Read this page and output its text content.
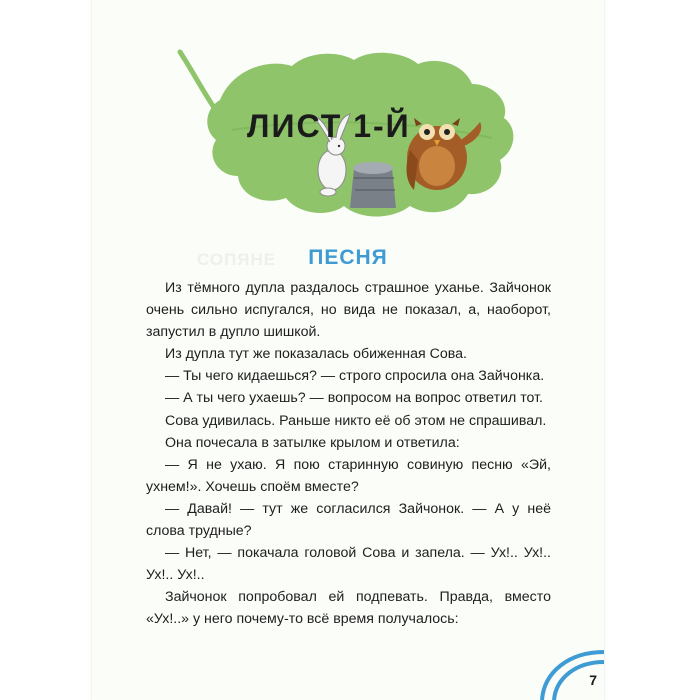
ЛИСТ 1-Й
СОПЯНЕ	ПЕСНЯ

Из тёмного дупла раздалось страшное уханье. Зайчонок очень сильно испугался, но вида не показал, а, наоборот, запустил в дупло шишкой.

Из дупла тут же показалась обиженная Сова.

— Ты чего кидаешься? — строго спросила она Зайчонка.

— А ты чего ухаешь? — вопросом на вопрос ответил тот.

Сова удивилась. Раньше никто её об этом не спрашивал.

Она почесала в затылке крылом и ответила:

— Я не ухаю. Я пою старинную совиную песню «Эй, ухнем!». Хочешь споём вместе?

— Давай! — тут же согласился Зайчонок. — А у неё слова трудные?

— Нет, — покачала головой Сова и запела. — Ух!.. Ух!.. Ух!.. Ух!..

Зайчонок попробовал ей подпевать. Правда, вместо «Ух!..» у него почему-то всё время получалось:

7
